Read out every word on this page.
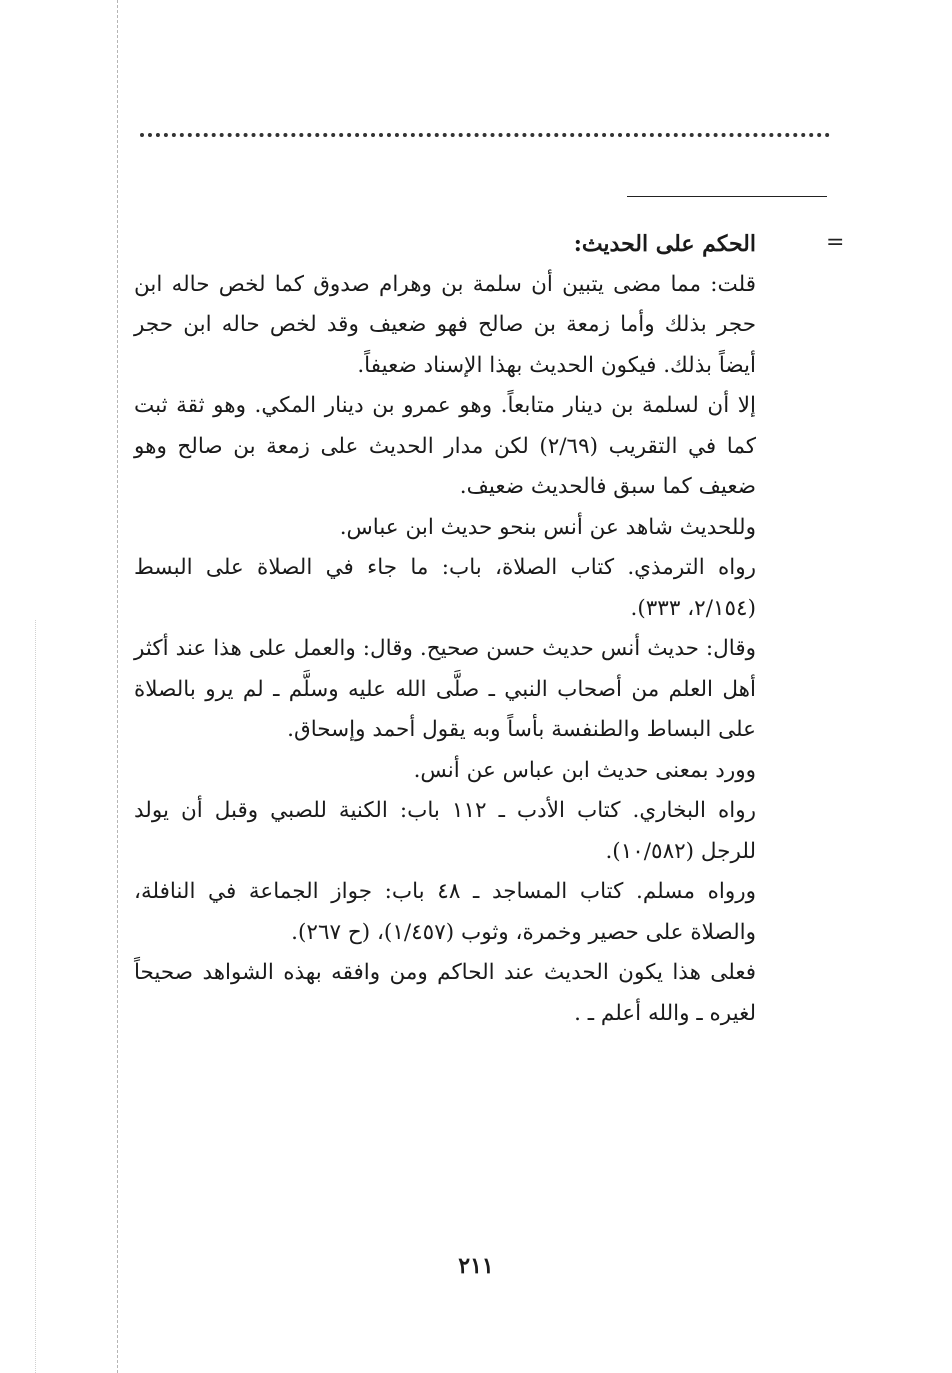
=

الحكم على الحديث:

قلت: مما مضى يتبين أن سلمة بن وهرام صدوق كما لخص حاله ابن حجر بذلك وأما زمعة بن صالح فهو ضعيف وقد لخص حاله ابن حجر أيضاً بذلك. فيكون الحديث بهذا الإسناد ضعيفاً.

إلا أن لسلمة بن دينار متابعاً. وهو عمرو بن دينار المكي. وهو ثقة ثبت كما في التقريب (٢/٦٩) لكن مدار الحديث على زمعة بن صالح وهو ضعيف كما سبق فالحديث ضعيف.

وللحديث شاهد عن أنس بنحو حديث ابن عباس.

رواه الترمذي. كتاب الصلاة، باب: ما جاء في الصلاة على البسط (٢/١٥٤، ٣٣٣).

وقال: حديث أنس حديث حسن صحيح. وقال: والعمل على هذا عند أكثر أهل العلم من أصحاب النبي ـ صلَّى الله عليه وسلَّم ـ لم يرو بالصلاة على البساط والطنفسة بأساً وبه يقول أحمد وإسحاق.

وورد بمعنى حديث ابن عباس عن أنس.

رواه البخاري. كتاب الأدب ـ ١١٢ باب: الكنية للصبي وقبل أن يولد للرجل (١٠/٥٨٢).

ورواه مسلم. كتاب المساجد ـ ٤٨ باب: جواز الجماعة في النافلة، والصلاة على حصير وخمرة، وثوب (١/٤٥٧)، (ح ٢٦٧).

فعلى هذا يكون الحديث عند الحاكم ومن وافقه بهذه الشواهد صحيحاً لغيره ـ والله أعلم ـ .

٢١١
